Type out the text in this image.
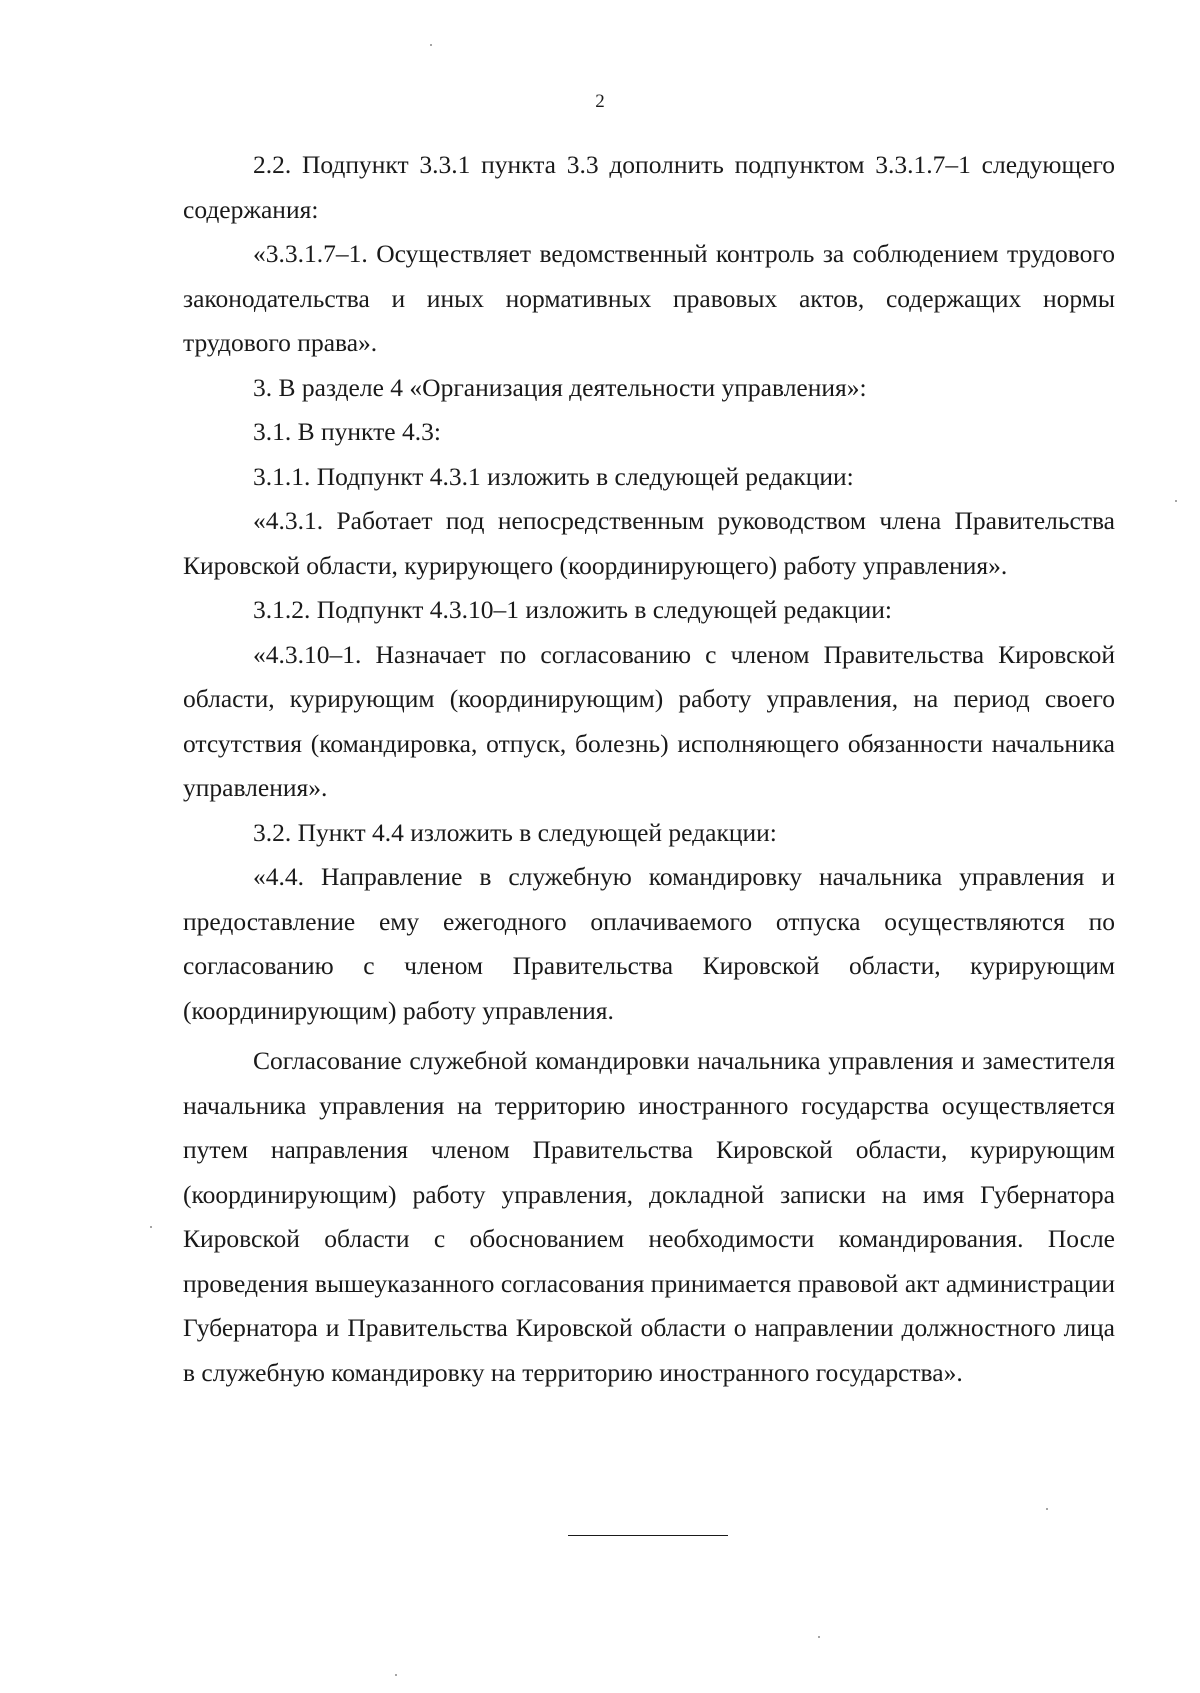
2

2.2. Подпункт 3.3.1 пункта 3.3 дополнить подпунктом 3.3.1.7–1 следующего содержания:

«3.3.1.7–1. Осуществляет ведомственный контроль за соблюдением трудового законодательства и иных нормативных правовых актов, содержащих нормы трудового права».

3. В разделе 4 «Организация деятельности управления»:

3.1. В пункте 4.3:

3.1.1. Подпункт 4.3.1 изложить в следующей редакции:

«4.3.1. Работает под непосредственным руководством члена Правительства Кировской области, курирующего (координирующего) работу управления».

3.1.2. Подпункт 4.3.10–1 изложить в следующей редакции:

«4.3.10–1. Назначает по согласованию с членом Правительства Кировской области, курирующим (координирующим) работу управления, на период своего отсутствия (командировка, отпуск, болезнь) исполняющего обязанности начальника управления».

3.2. Пункт 4.4 изложить в следующей редакции:

«4.4. Направление в служебную командировку начальника управления и предоставление ему ежегодного оплачиваемого отпуска осуществляются по согласованию с членом Правительства Кировской области, курирующим (координирующим) работу управления.

Согласование служебной командировки начальника управления и заместителя начальника управления на территорию иностранного государства осуществляется путем направления членом Правительства Кировской области, курирующим (координирующим) работу управления, докладной записки на имя Губернатора Кировской области с обоснованием необходимости командирования. После проведения вышеуказанного согласования принимается правовой акт администрации Губернатора и Правительства Кировской области о направлении должностного лица в служебную командировку на территорию иностранного государства».
